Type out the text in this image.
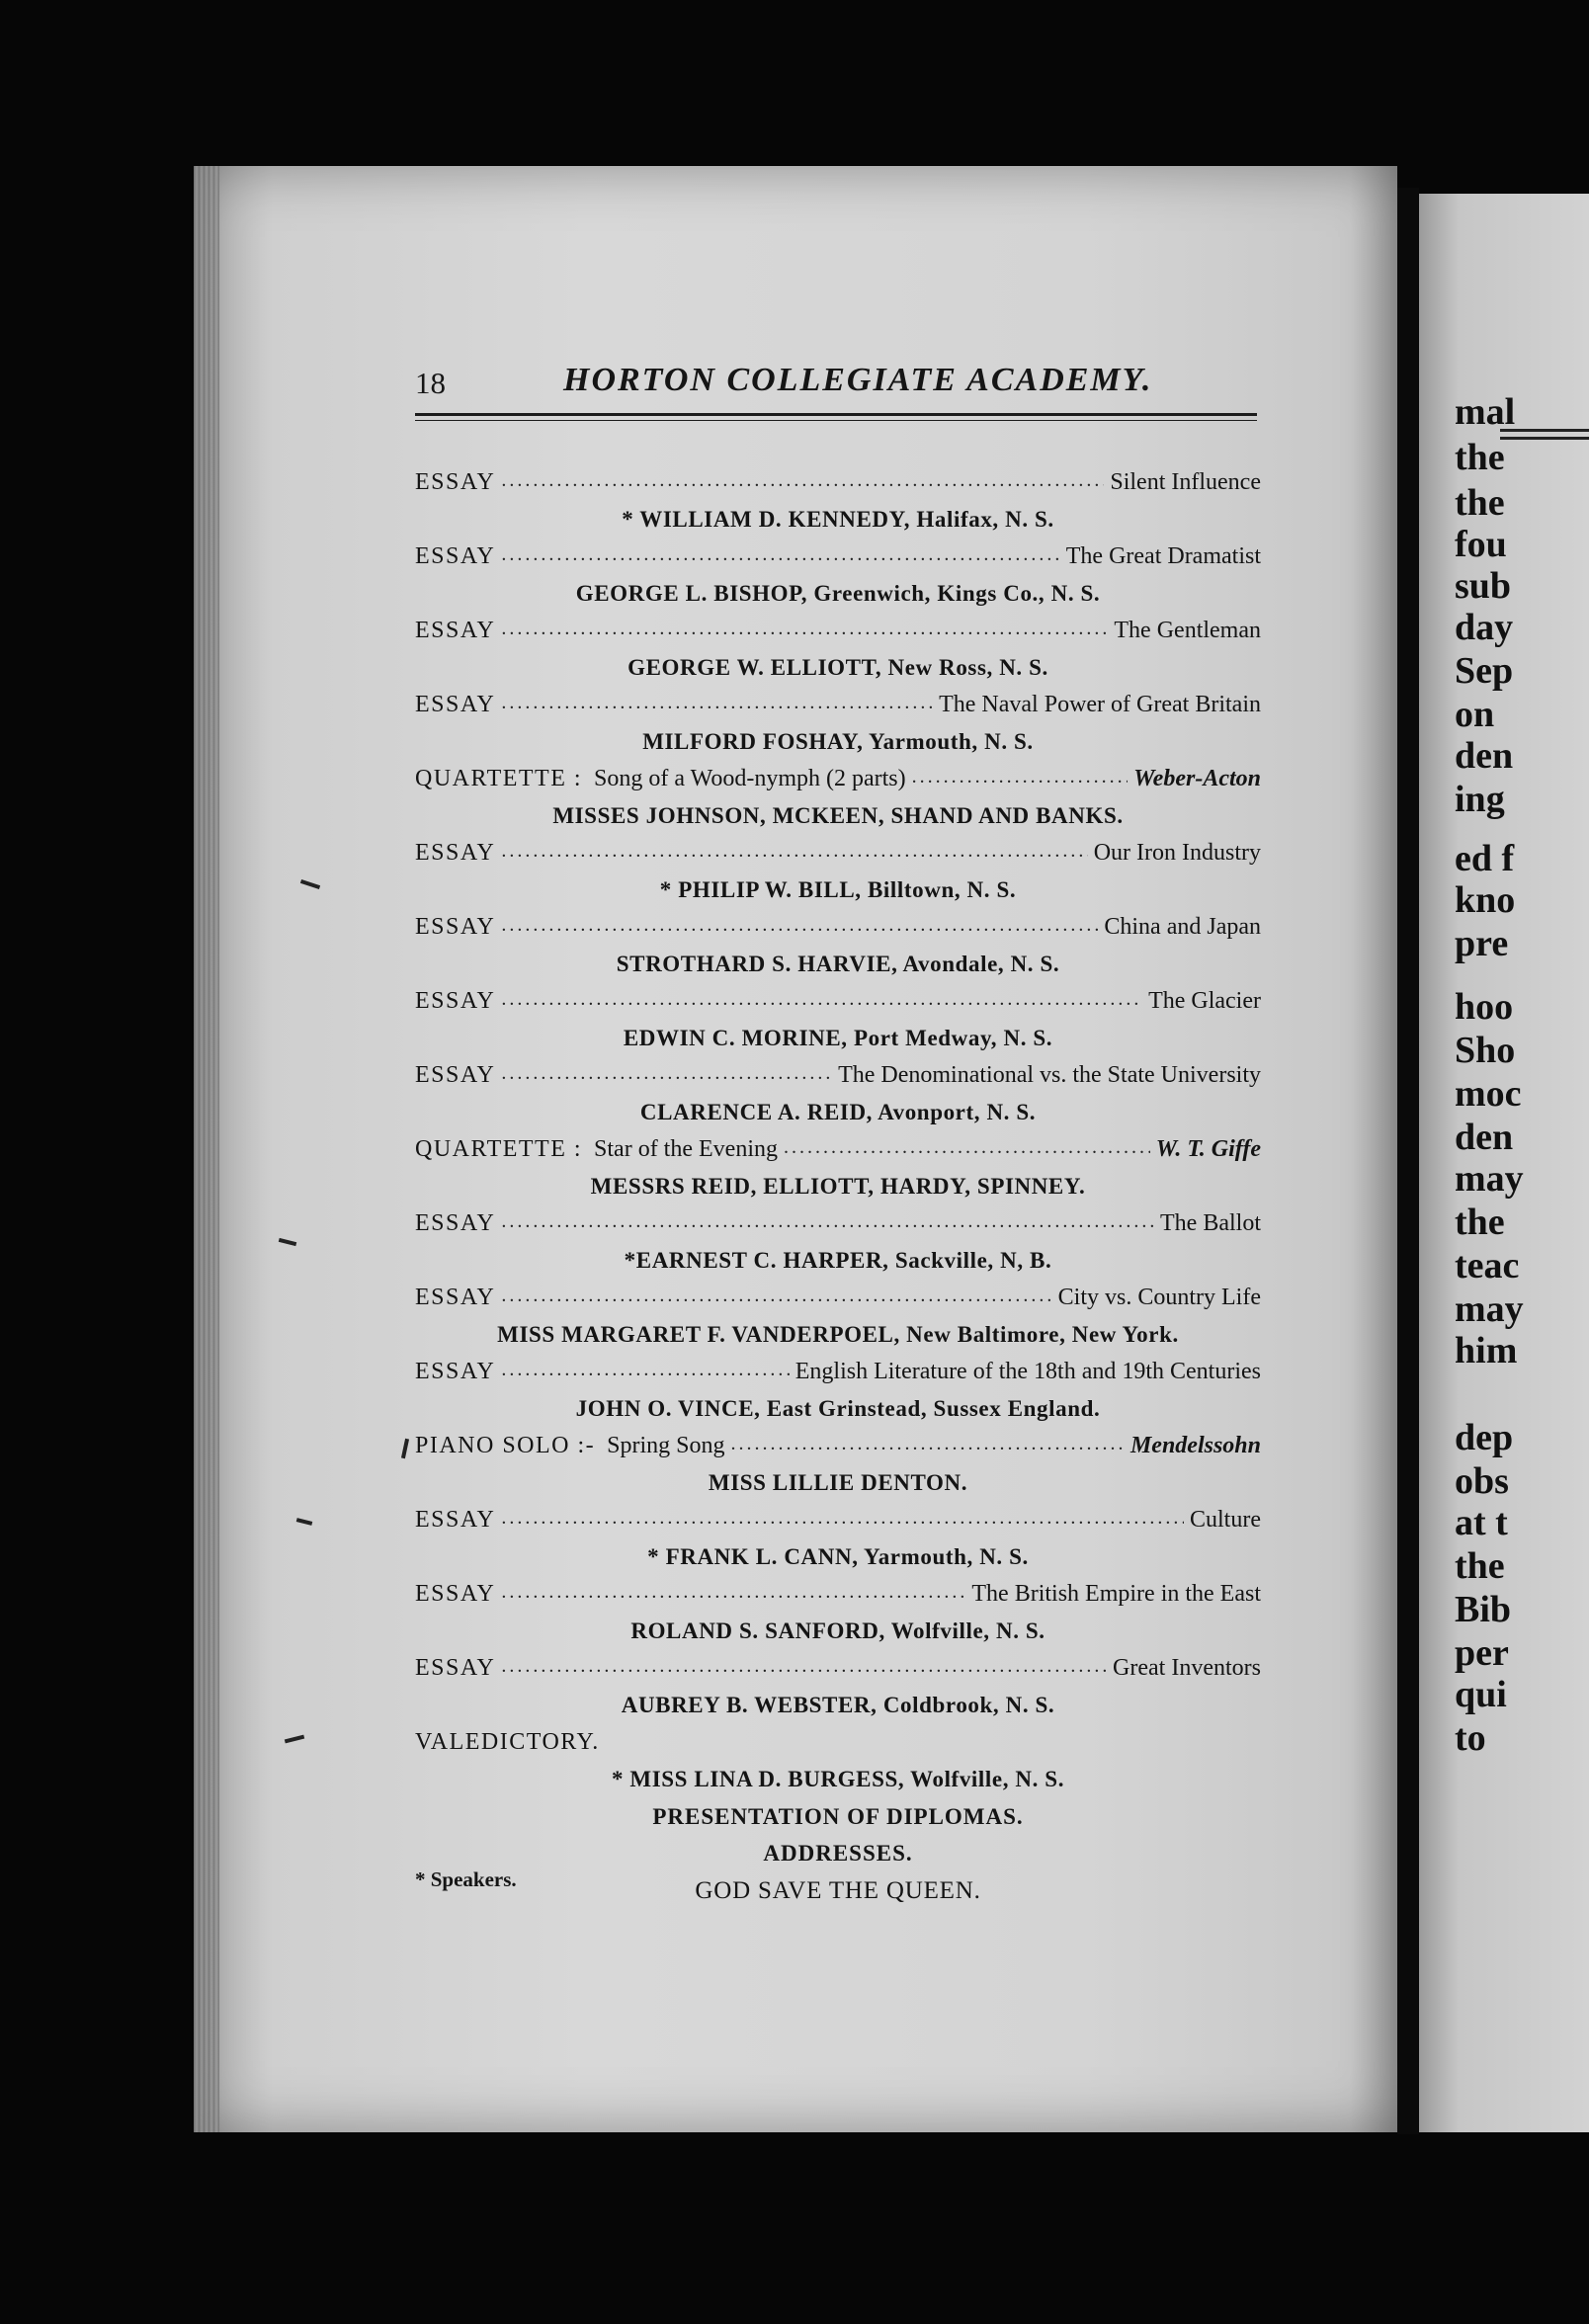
mal
the
the
fou
sub
day
Sep
on
den
ing
ed f
kno
pre
hoo
Sho
moc
den
may
the
teac
may
him
dep
obs
at t
the
Bib
per
qui
to
18	HORTON COLLEGIATE ACADEMY.
ESSAY .....	Silent Influence
* WILLIAM D. KENNEDY, Halifax, N. S.
ESSAY .....	The Great Dramatist
GEORGE L. BISHOP, Greenwich, Kings Co., N. S.
ESSAY .....	The Gentleman
GEORGE W. ELLIOTT, New Ross, N. S.
ESSAY .....	The Naval Power of Great Britain
MILFORD FOSHAY, Yarmouth, N. S.
QUARTETTE : Song of a Wood-nymph (2 parts) .....	Weber-Acton
MISSES JOHNSON, MCKEEN, SHAND AND BANKS.
ESSAY .....	Our Iron Industry
* PHILIP W. BILL, Billtown, N. S.
ESSAY .....	China and Japan
STROTHARD S. HARVIE, Avondale, N. S.
ESSAY .....	The Glacier
EDWIN C. MORINE, Port Medway, N. S.
ESSAY .....	The Denominational vs. the State University
CLARENCE A. REID, Avonport, N. S.
QUARTETTE : Star of the Evening .....	W. T. Giffe
MESSRS REID, ELLIOTT, HARDY, SPINNEY.
ESSAY .....	The Ballot
*EARNEST C. HARPER, Sackville, N, B.
ESSAY .....	City vs. Country Life
MISS MARGARET F. VANDERPOEL, New Baltimore, New York.
ESSAY .....	English Literature of the 18th and 19th Centuries
JOHN O. VINCE, East Grinstead, Sussex England.
PIANO SOLO :- Spring Song .....	Mendelssohn
MISS LILLIE DENTON.
ESSAY .....	Culture
* FRANK L. CANN, Yarmouth, N. S.
ESSAY .....	The British Empire in the East
ROLAND S. SANFORD, Wolfville, N. S.
ESSAY .....	Great Inventors
AUBREY B. WEBSTER, Coldbrook, N. S.
VALEDICTORY.
* MISS LINA D. BURGESS, Wolfville, N. S.
PRESENTATION OF DIPLOMAS.
ADDRESSES.
GOD SAVE THE QUEEN.
* Speakers.
